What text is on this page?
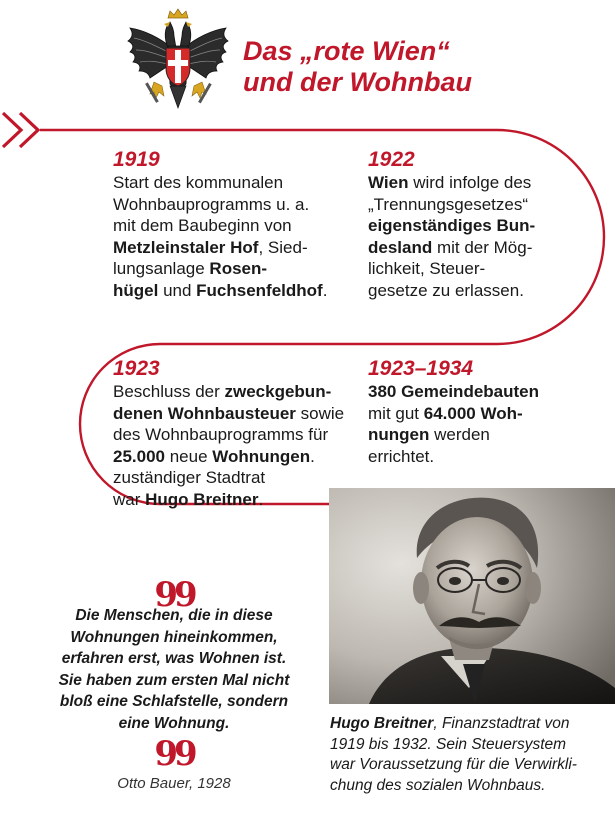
Das „rote Wien“
und der Wohnbau
1919
Start des kommunalen
Wohnbauprogramms u. a.
mit dem Baubeginn von
Metzleinstaler Hof, Sied-
lungsanlage Rosen-
hügel und Fuchsenfeldhof.
1922
Wien wird infolge des
„Trennungsgesetzes“
eigenständiges Bun-
desland mit der Mög-
lichkeit, Steuer-
gesetze zu erlassen.
1923
Beschluss der zweckgebun-
denen Wohnbausteuer sowie
des Wohnbauprogramms für
25.000 neue Wohnungen.
zuständiger Stadtrat
war Hugo Breitner.
1923–1934
380 Gemeindebauten
mit gut 64.000 Woh-
nungen werden
errichtet.
99
Die Menschen, die in diese
Wohnungen hineinkommen,
erfahren erst, was Wohnen ist.
Sie haben zum ersten Mal nicht
bloß eine Schlafstelle, sondern
eine Wohnung.
99
Otto Bauer, 1928
Hugo Breitner, Finanzstadtrat von
1919 bis 1932. Sein Steuersystem
war Voraussetzung für die Verwirkli-
chung des sozialen Wohnbaus.
